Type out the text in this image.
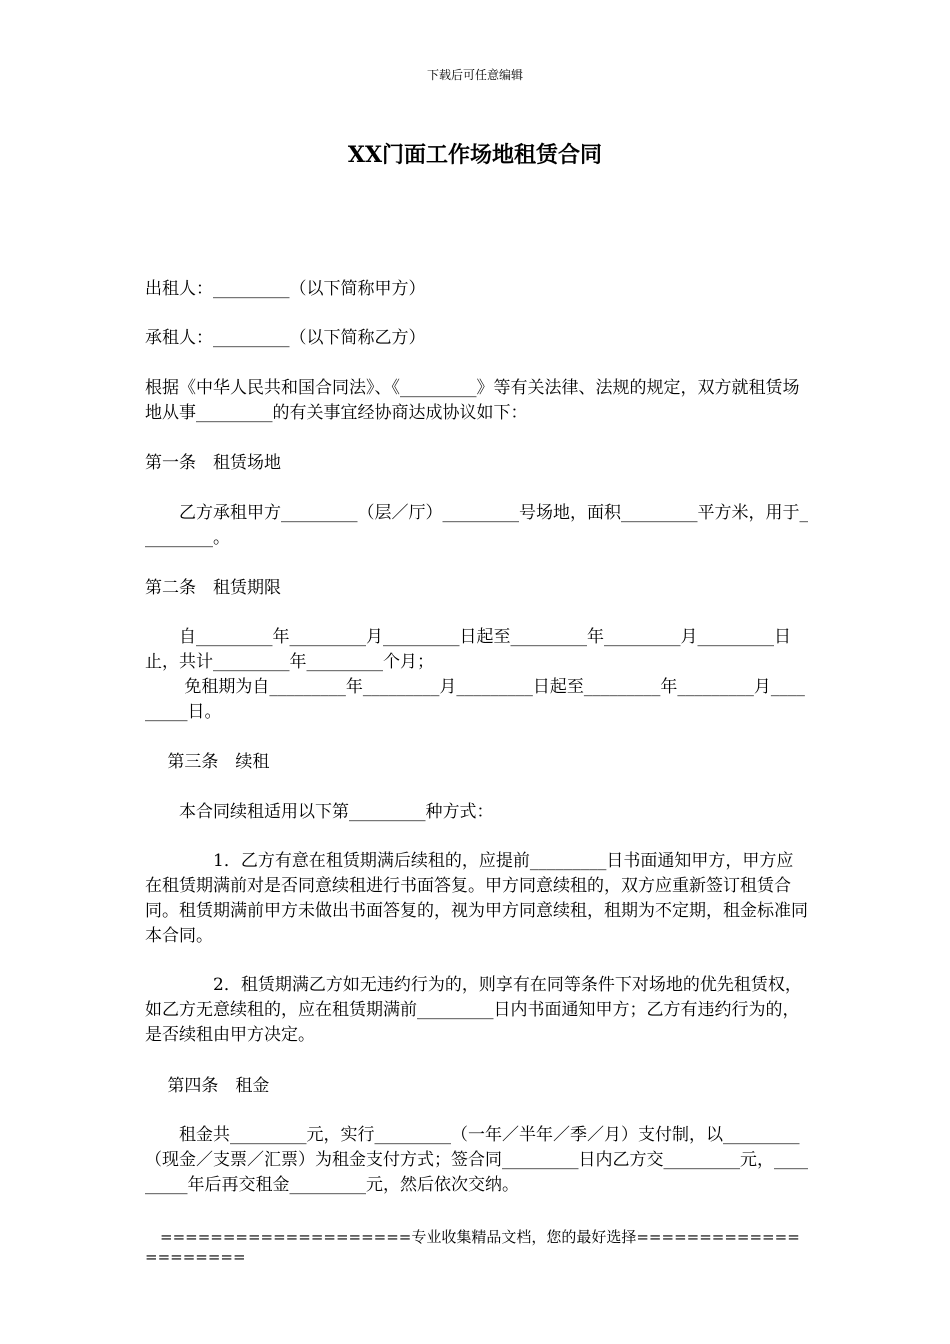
下载后可任意编辑
XX门面工作场地租赁合同
出租人：_________（以下简称甲方）
承租人：_________（以下简称乙方）
根据《中华人民共和国合同法》、《_________》等有关法律、法规的规定，双方就租赁场地从事_________的有关事宜经协商达成协议如下：
第一条　租赁场地
　　乙方承租甲方_________（层／厅）_________号场地，面积_________平方米，用于_________。
第二条　租赁期限
　　自_________年_________月_________日起至_________年_________月_________日止，共计_________年_________个月；
　　 免租期为自_________年_________月_________日起至_________年_________月_________日。
　 第三条　续租
　　本合同续租适用以下第_________种方式：
　　　　1．乙方有意在租赁期满后续租的，应提前_________日书面通知甲方，甲方应在租赁期满前对是否同意续租进行书面答复。甲方同意续租的，双方应重新签订租赁合同。租赁期满前甲方未做出书面答复的，视为甲方同意续租，租期为不定期，租金标准同本合同。
　　　　2．租赁期满乙方如无违约行为的，则享有在同等条件下对场地的优先租赁权，如乙方无意续租的，应在租赁期满前_________日内书面通知甲方；乙方有违约行为的，是否续租由甲方决定。
　 第四条　租金
　　租金共_________元，实行_________（一年／半年／季／月）支付制，以_________（现金／支票／汇票）为租金支付方式；签合同_________日内乙方交_________元，_________年后再交租金_________元，然后依次交纳。
　====================专业收集精品文档，您的最好选择=====================
